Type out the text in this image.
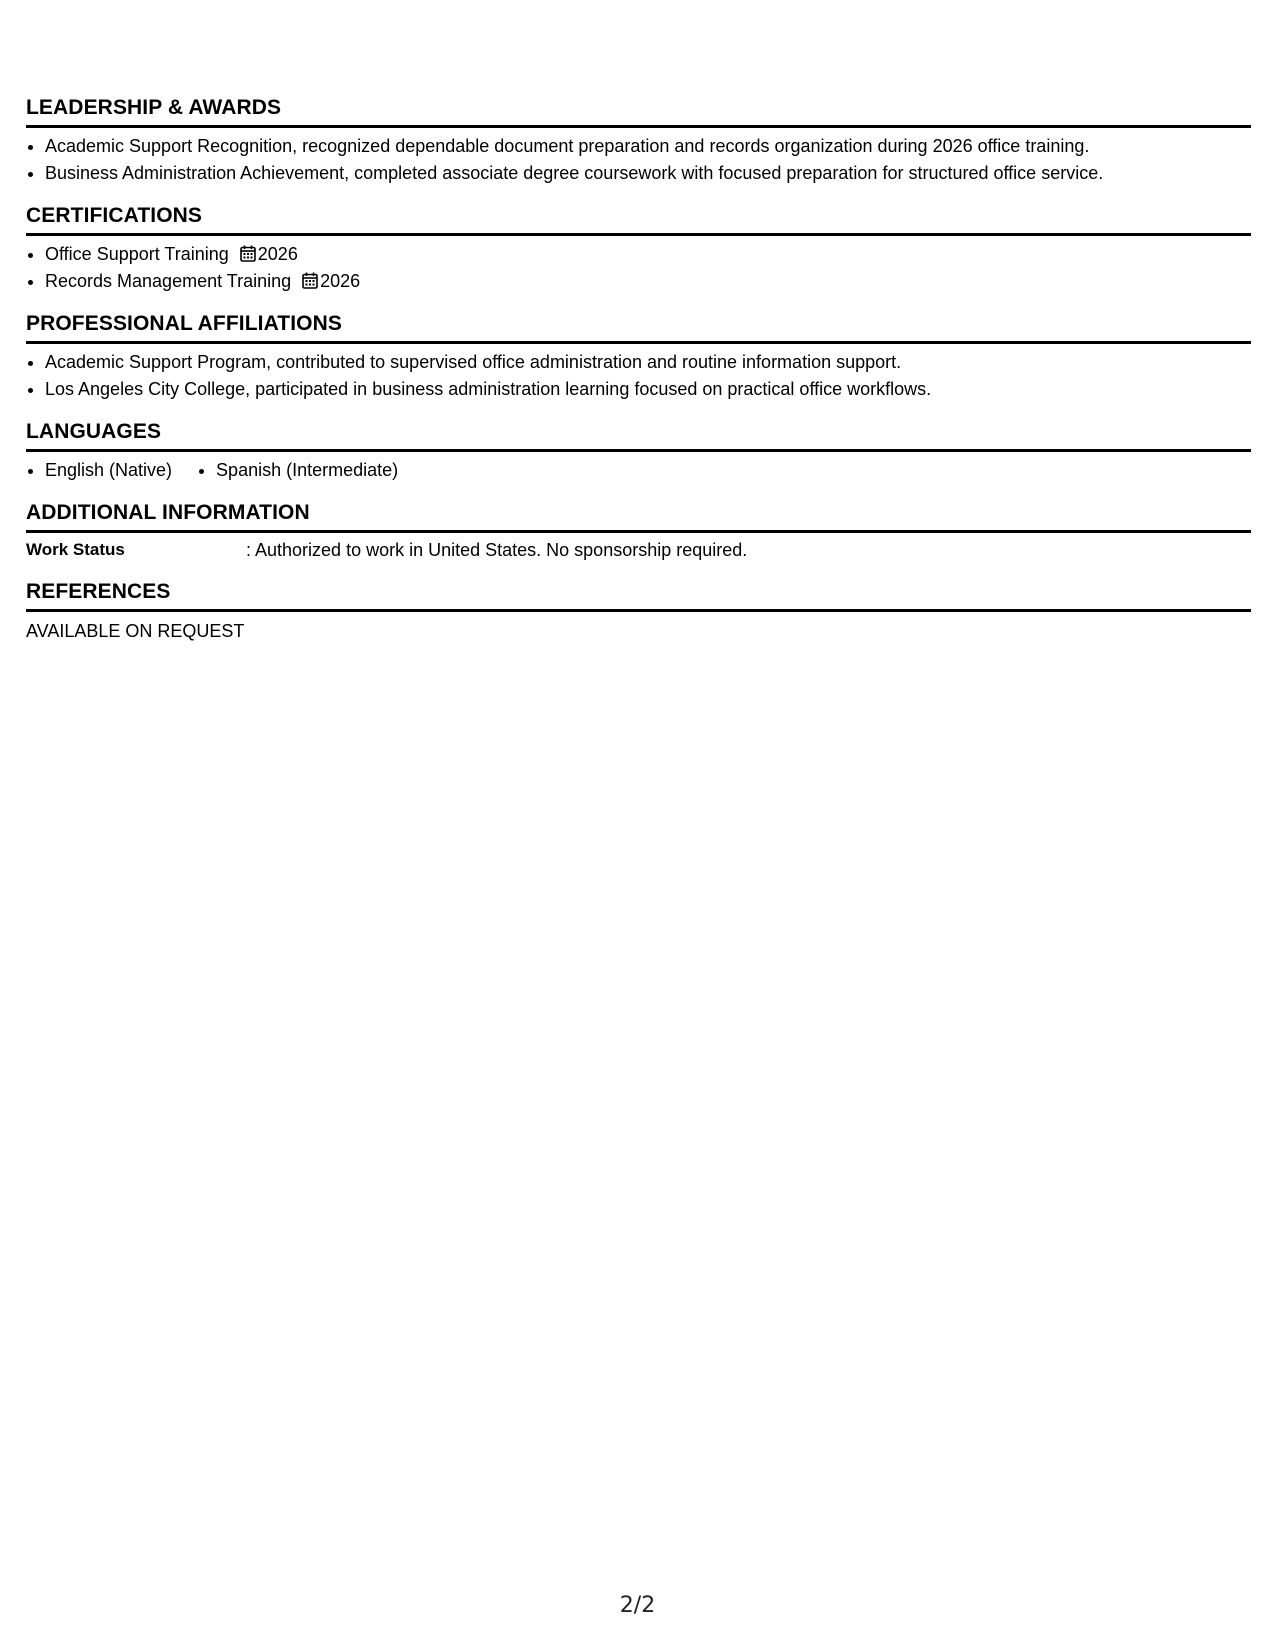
LEADERSHIP & AWARDS
Academic Support Recognition, recognized dependable document preparation and records organization during 2026 office training.
Business Administration Achievement, completed associate degree coursework with focused preparation for structured office service.
CERTIFICATIONS
Office Support Training 2026
Records Management Training 2026
PROFESSIONAL AFFILIATIONS
Academic Support Program, contributed to supervised office administration and routine information support.
Los Angeles City College, participated in business administration learning focused on practical office workflows.
LANGUAGES
English (Native)	Spanish (Intermediate)
ADDITIONAL INFORMATION
Work Status	: Authorized to work in United States. No sponsorship required.
REFERENCES
AVAILABLE ON REQUEST
2/2
